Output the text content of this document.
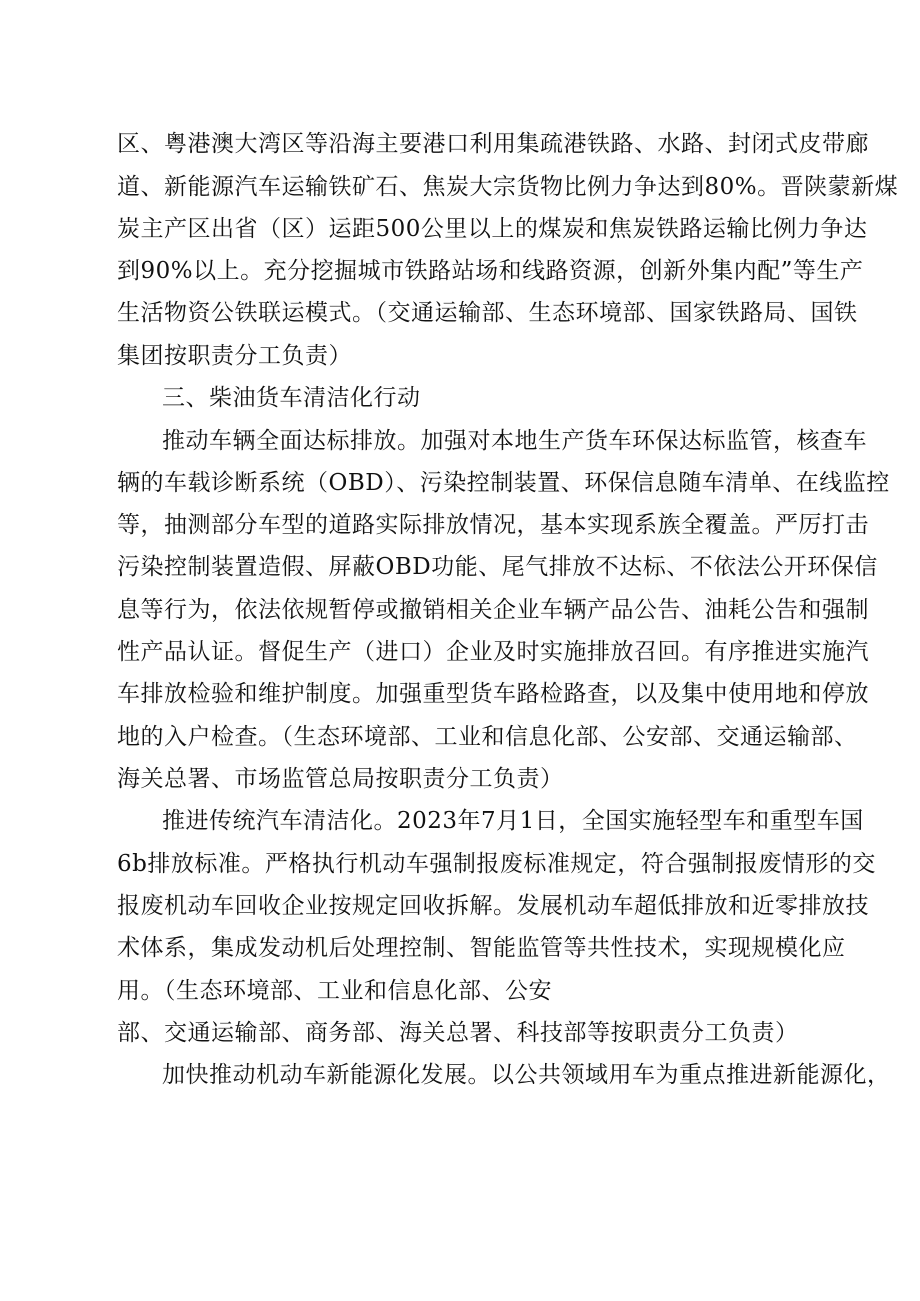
区、粤港澳大湾区等沿海主要港口利用集疏港铁路、水路、封闭式皮带廊
道、新能源汽车运输铁矿石、焦炭大宗货物比例力争达到80%。晋陕蒙新煤
炭主产区出省（区）运距500公里以上的煤炭和焦炭铁路运输比例力争达
到90%以上。充分挖掘城市铁路站场和线路资源，创新外集内配”等生产
生活物资公铁联运模式。（交通运输部、生态环境部、国家铁路局、国铁
集团按职责分工负责）
三、柴油货车清洁化行动
推动车辆全面达标排放。加强对本地生产货车环保达标监管，核查车
辆的车载诊断系统（OBD）、污染控制装置、环保信息随车清单、在线监控
等，抽测部分车型的道路实际排放情况，基本实现系族全覆盖。严厉打击
污染控制装置造假、屏蔽OBD功能、尾气排放不达标、不依法公开环保信
息等行为，依法依规暂停或撤销相关企业车辆产品公告、油耗公告和强制
性产品认证。督促生产（进口）企业及时实施排放召回。有序推进实施汽
车排放检验和维护制度。加强重型货车路检路查，以及集中使用地和停放
地的入户检查。（生态环境部、工业和信息化部、公安部、交通运输部、
海关总署、市场监管总局按职责分工负责）
推进传统汽车清洁化。2023年7月1日，全国实施轻型车和重型车国
6b排放标准。严格执行机动车强制报废标准规定，符合强制报废情形的交
报废机动车回收企业按规定回收拆解。发展机动车超低排放和近零排放技
术体系，集成发动机后处理控制、智能监管等共性技术，实现规模化应
用。（生态环境部、工业和信息化部、公安
部、交通运输部、商务部、海关总署、科技部等按职责分工负责）
加快推动机动车新能源化发展。以公共领域用车为重点推进新能源化，
